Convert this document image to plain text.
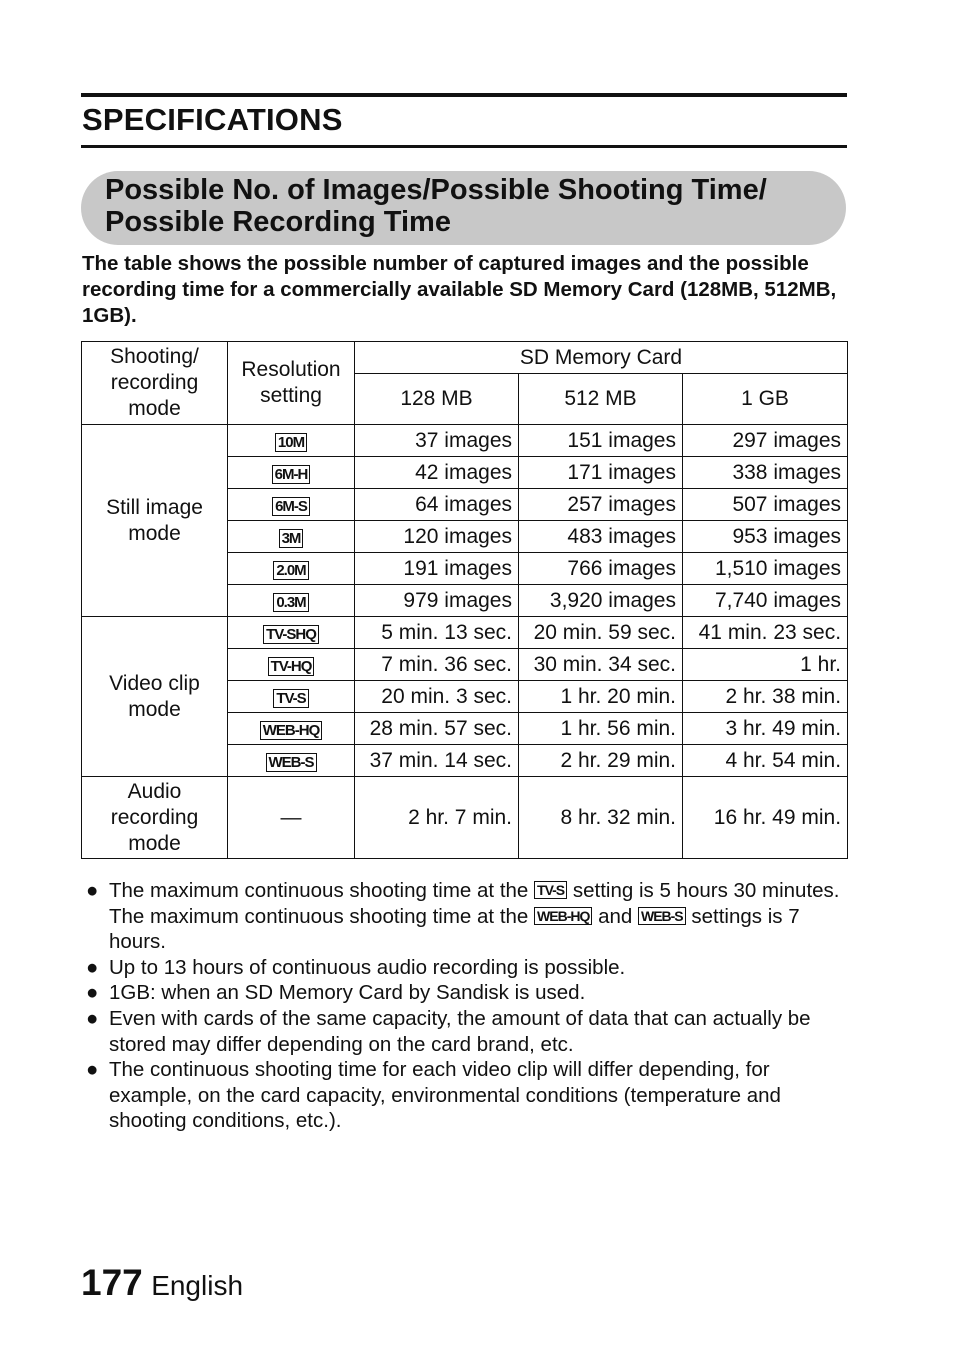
SPECIFICATIONS
Possible No. of Images/Possible Shooting Time/
Possible Recording Time
The table shows the possible number of captured images and the possible recording time for a commercially available SD Memory Card (128MB, 512MB, 1GB).
Shooting/ recording mode	Resolution setting	SD Memory Card		
		128 MB	512 MB	1 GB
Still image mode	10M	37 images	151 images	297 images
	6M-H	42 images	171 images	338 images
	6M-S	64 images	257 images	507 images
	3M	120 images	483 images	953 images
	2.0M	191 images	766 images	1,510 images
	0.3M	979 images	3,920 images	7,740 images
Video clip mode	TV-SHQ	5 min. 13 sec.	20 min. 59 sec.	41 min. 23 sec.
	TV-HQ	7 min. 36 sec.	30 min. 34 sec.	1 hr.
	TV-S	20 min. 3 sec.	1 hr. 20 min.	2 hr. 38 min.
	WEB-HQ	28 min. 57 sec.	1 hr. 56 min.	3 hr. 49 min.
	WEB-S	37 min. 14 sec.	2 hr. 29 min.	4 hr. 54 min.
Audio recording mode	—	2 hr. 7 min.	8 hr. 32 min.	16 hr. 49 min.
● The maximum continuous shooting time at the TV-S setting is 5 hours 30 minutes. The maximum continuous shooting time at the WEB-HQ and WEB-S settings is 7 hours.
● Up to 13 hours of continuous audio recording is possible.
● 1GB: when an SD Memory Card by Sandisk is used.
● Even with cards of the same capacity, the amount of data that can actually be stored may differ depending on the card brand, etc.
● The continuous shooting time for each video clip will differ depending, for example, on the card capacity, environmental conditions (temperature and shooting conditions, etc.).
177 English
